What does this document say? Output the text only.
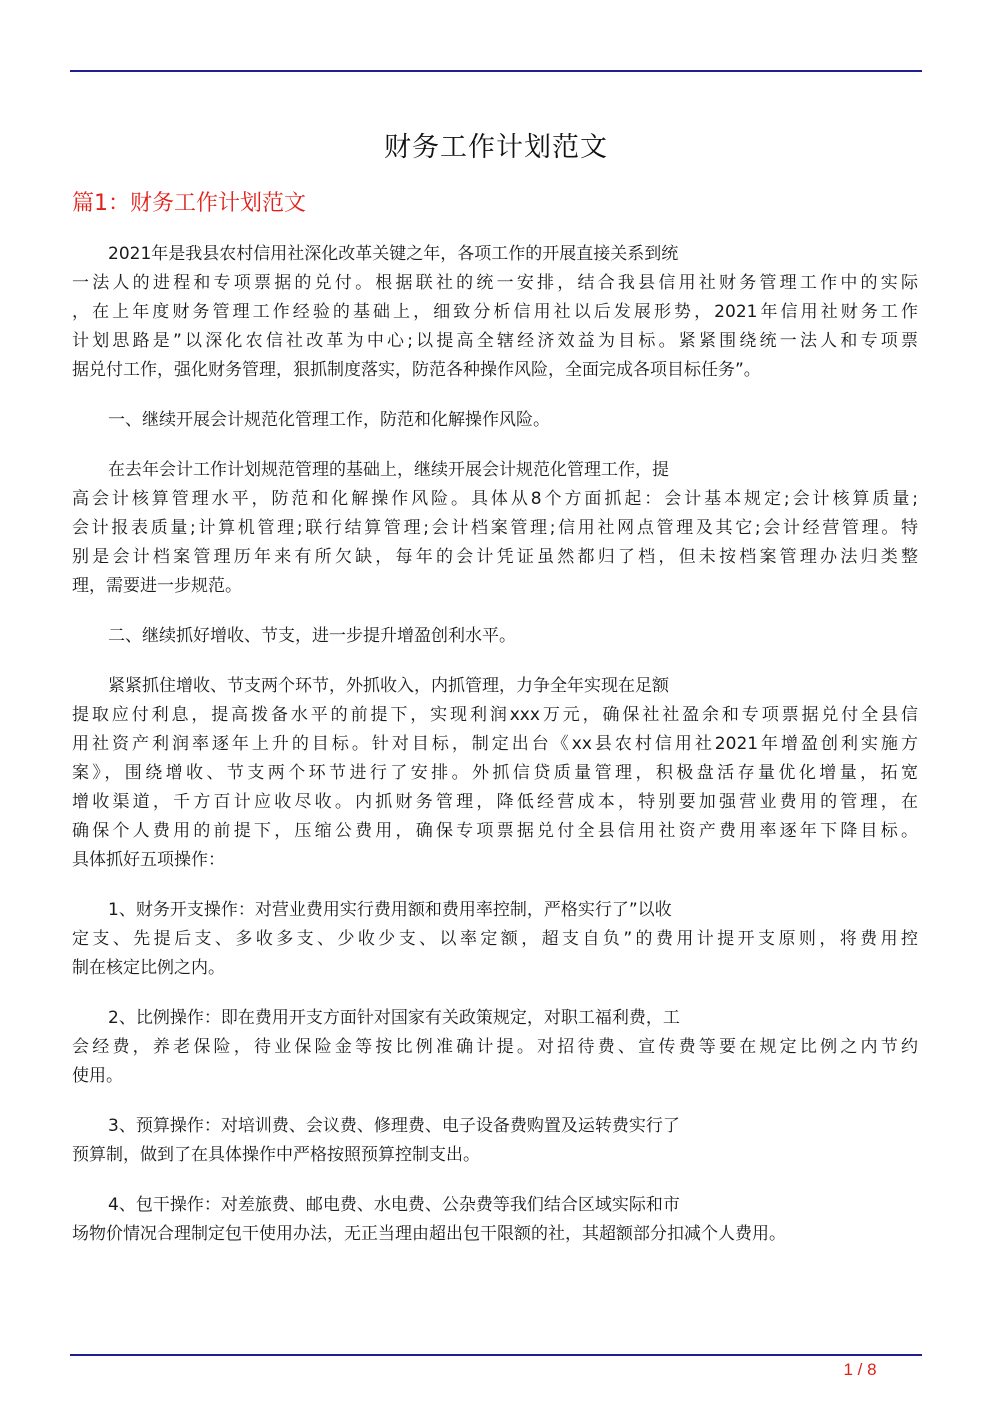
财务工作计划范文
篇1：财务工作计划范文
2021年是我县农村信用社深化改革关键之年，各项工作的开展直接关系到统
一法人的进程和专项票据的兑付。根据联社的统一安排，结合我县信用社财务管理工作中的实际
，在上年度财务管理工作经验的基础上，细致分析信用社以后发展形势，2021年信用社财务工作
计划思路是”以深化农信社改革为中心;以提高全辖经济效益为目标。紧紧围绕统一法人和专项票
据兑付工作，强化财务管理，狠抓制度落实，防范各种操作风险，全面完成各项目标任务”。
一、继续开展会计规范化管理工作，防范和化解操作风险。
在去年会计工作计划规范管理的基础上，继续开展会计规范化管理工作，提
高会计核算管理水平，防范和化解操作风险。具体从8个方面抓起：会计基本规定;会计核算质量;
会计报表质量;计算机管理;联行结算管理;会计档案管理;信用社网点管理及其它;会计经营管理。特
别是会计档案管理历年来有所欠缺，每年的会计凭证虽然都归了档，但未按档案管理办法归类整
理，需要进一步规范。
二、继续抓好增收、节支，进一步提升增盈创利水平。
紧紧抓住增收、节支两个环节，外抓收入，内抓管理，力争全年实现在足额
提取应付利息，提高拨备水平的前提下，实现利润xxx万元，确保社社盈余和专项票据兑付全县信
用社资产利润率逐年上升的目标。针对目标，制定出台《xx县农村信用社2021年增盈创利实施方
案》，围绕增收、节支两个环节进行了安排。外抓信贷质量管理，积极盘活存量优化增量，拓宽
增收渠道，千方百计应收尽收。内抓财务管理，降低经营成本，特别要加强营业费用的管理，在
确保个人费用的前提下，压缩公费用，确保专项票据兑付全县信用社资产费用率逐年下降目标。
具体抓好五项操作：
1、财务开支操作：对营业费用实行费用额和费用率控制，严格实行了”以收
定支、先提后支、多收多支、少收少支、以率定额，超支自负”的费用计提开支原则，将费用控
制在核定比例之内。
2、比例操作：即在费用开支方面针对国家有关政策规定，对职工福利费，工
会经费，养老保险，待业保险金等按比例准确计提。对招待费、宣传费等要在规定比例之内节约
使用。
3、预算操作：对培训费、会议费、修理费、电子设备费购置及运转费实行了
预算制，做到了在具体操作中严格按照预算控制支出。
4、包干操作：对差旅费、邮电费、水电费、公杂费等我们结合区域实际和市
场物价情况合理制定包干使用办法，无正当理由超出包干限额的社，其超额部分扣减个人费用。
1 / 8
